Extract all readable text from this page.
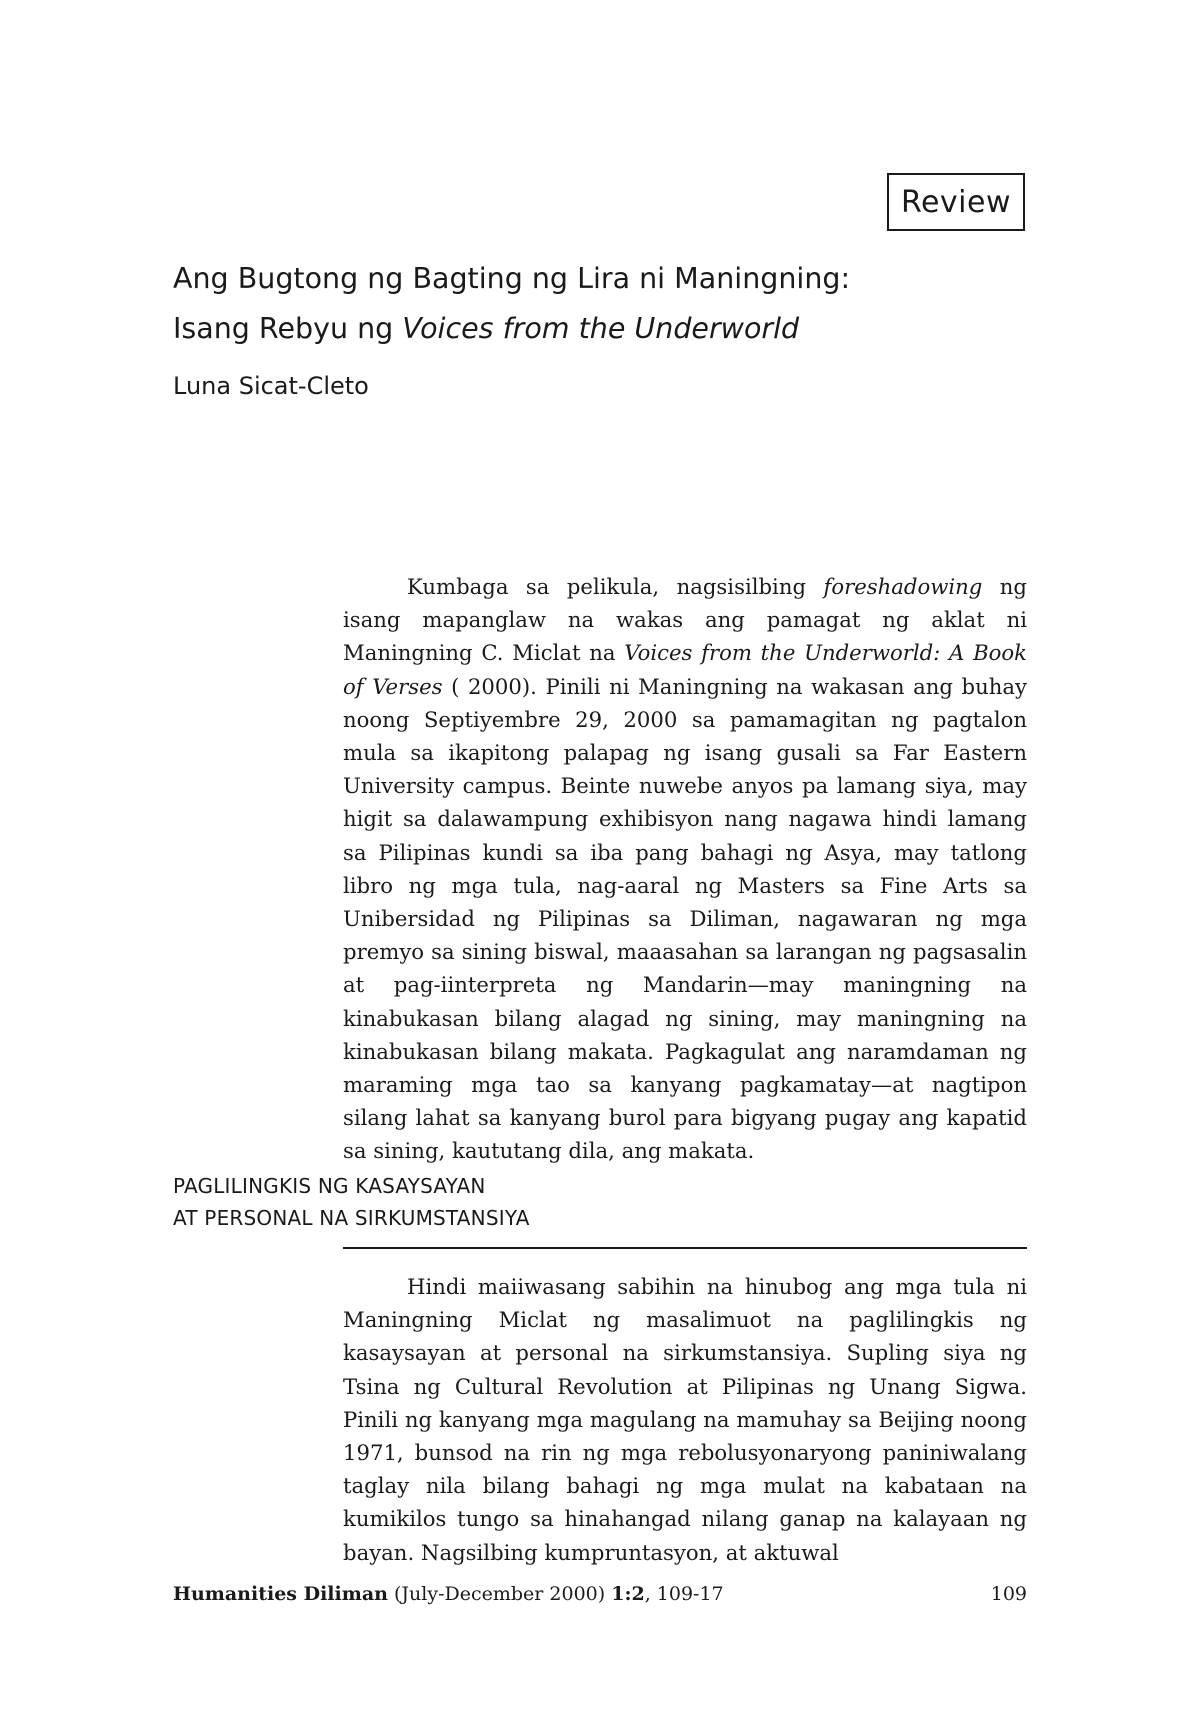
Review
Ang Bugtong ng Bagting ng Lira ni Maningning:
Isang Rebyu ng Voices from the Underworld

Luna Sicat-Cleto

Kumbaga sa pelikula, nagsisilbing foreshadowing ng isang mapanglaw na wakas ang pamagat ng aklat ni Maningning C. Miclat na Voices from the Underworld: A Book of Verses ( 2000). Pinili ni Maningning na wakasan ang buhay noong Septiyembre 29, 2000 sa pamamagitan ng pagtalon mula sa ikapitong palapag ng isang gusali sa Far Eastern University campus. Beinte nuwebe anyos pa lamang siya, may higit sa dalawampung exhibisyon nang nagawa hindi lamang sa Pilipinas kundi sa iba pang bahagi ng Asya, may tatlong libro ng mga tula, nag-aaral ng Masters sa Fine Arts sa Unibersidad ng Pilipinas sa Diliman, nagawaran ng mga premyo sa sining biswal, maaasahan sa larangan ng pagsasalin at pag-iinterpreta ng Mandarin—may maningning na kinabukasan bilang alagad ng sining, may maningning na kinabukasan bilang makata. Pagkagulat ang naramdaman ng maraming mga tao sa kanyang pagkamatay—at nagtipon silang lahat sa kanyang burol para bigyang pugay ang kapatid sa sining, kaututang dila, ang makata.

PAGLILINGKIS NG KASAYSAYAN
AT PERSONAL NA SIRKUMSTANSIYA

Hindi maiiwasang sabihin na hinubog ang mga tula ni Maningning Miclat ng masalimuot na paglilingkis ng kasaysayan at personal na sirkumstansiya. Supling siya ng Tsina ng Cultural Revolution at Pilipinas ng Unang Sigwa. Pinili ng kanyang mga magulang na mamuhay sa Beijing noong 1971, bunsod na rin ng mga rebolusyonaryong paniniwalang taglay nila bilang bahagi ng mga mulat na kabataan na kumikilos tungo sa hinahangad nilang ganap na kalayaan ng bayan. Nagsilbing kumpruntasyon, at aktuwal

Humanities Diliman (July-December 2000) 1:2, 109-17	109
